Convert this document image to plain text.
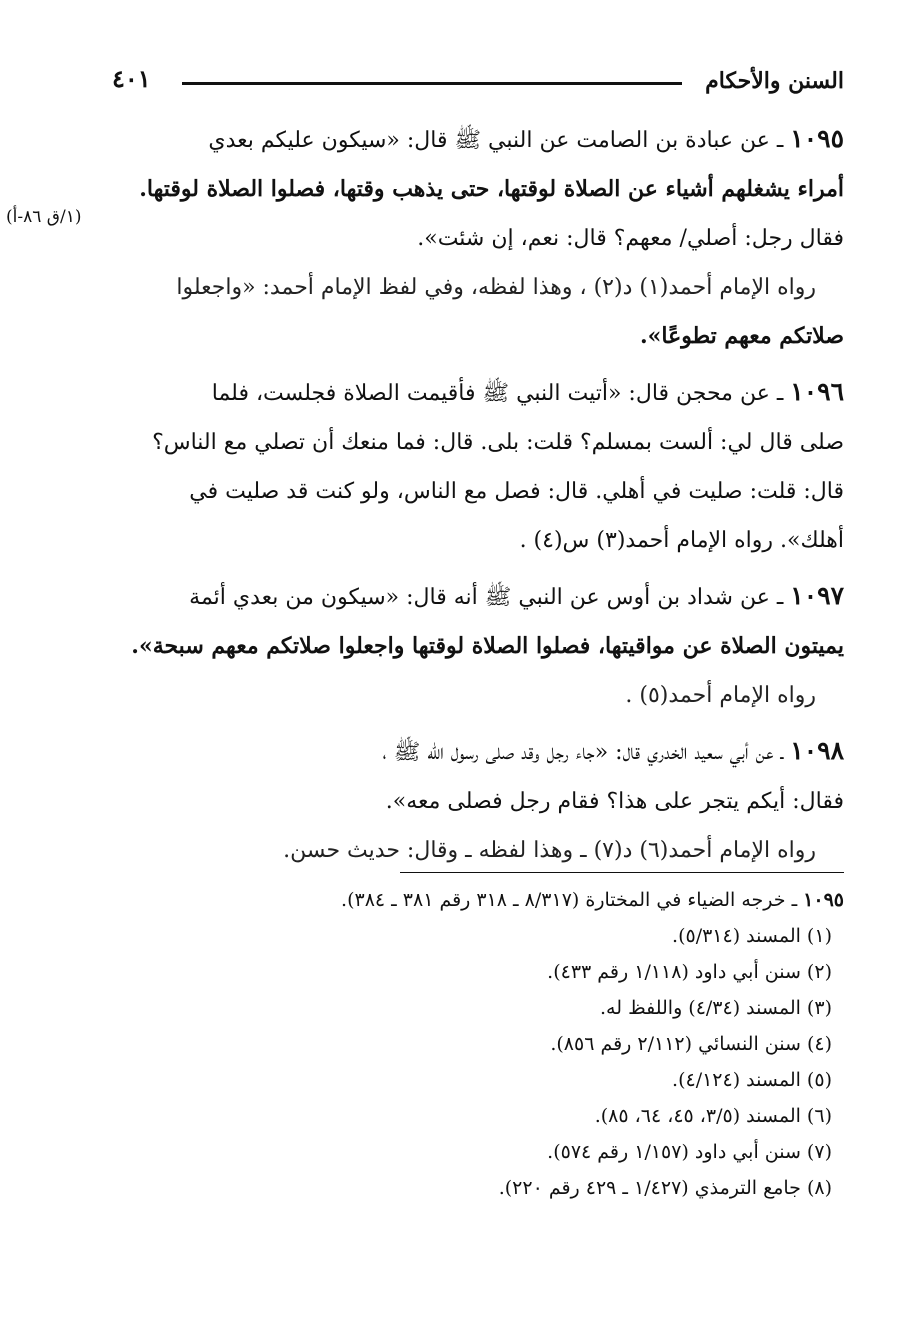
السنن والأحكام
٤٠١
(١/ق ٨٦-أ)

١٠٩٥ ـ عن عبادة بن الصامت عن النبي ﷺ قال: «سيكون عليكم بعدي

أمراء يشغلهم أشياء عن الصلاة لوقتها، حتى يذهب وقتها، فصلوا الصلاة لوقتها.

فقال رجل: أصلي/ معهم؟ قال: نعم، إن شئت».

رواه الإمام أحمد(١) د(٢) ، وهذا لفظه، وفي لفظ الإمام أحمد: «واجعلوا

صلاتكم معهم تطوعًا».

١٠٩٦ ـ عن محجن قال: «أتيت النبي ﷺ فأقيمت الصلاة فجلست، فلما

صلى قال لي: ألست بمسلم؟ قلت: بلى. قال: فما منعك أن تصلي مع الناس؟

قال: قلت: صليت في أهلي. قال: فصل مع الناس، ولو كنت قد صليت في

أهلك». رواه الإمام أحمد(٣) س(٤) .

١٠٩٧ ـ عن شداد بن أوس عن النبي ﷺ أنه قال: «سيكون من بعدي أئمة

يميتون الصلاة عن مواقيتها، فصلوا الصلاة لوقتها واجعلوا صلاتكم معهم سبحة».

رواه الإمام أحمد(٥) .

١٠٩٨ ـ عن أبي سعيد الخدري قال: «جاء رجل وقد صلى رسول الله ﷺ ،

فقال: أيكم يتجر على هذا؟ فقام رجل فصلى معه».

رواه الإمام أحمد(٦) د(٧) ـ وهذا لفظه ـ وقال: حديث حسن.

١٠٩٥ ـ خرجه الضياء في المختارة (٨/٣١٧ ـ ٣١٨ رقم ٣٨١ ـ ٣٨٤).

(١) المسند (٥/٣١٤).

(٢) سنن أبي داود (١/١١٨ رقم ٤٣٣).

(٣) المسند (٤/٣٤) واللفظ له.

(٤) سنن النسائي (٢/١١٢ رقم ٨٥٦).

(٥) المسند (٤/١٢٤).

(٦) المسند (٣/٥، ٤٥، ٦٤، ٨٥).

(٧) سنن أبي داود (١/١٥٧ رقم ٥٧٤).

(٨) جامع الترمذي (١/٤٢٧ ـ ٤٢٩ رقم ٢٢٠).
